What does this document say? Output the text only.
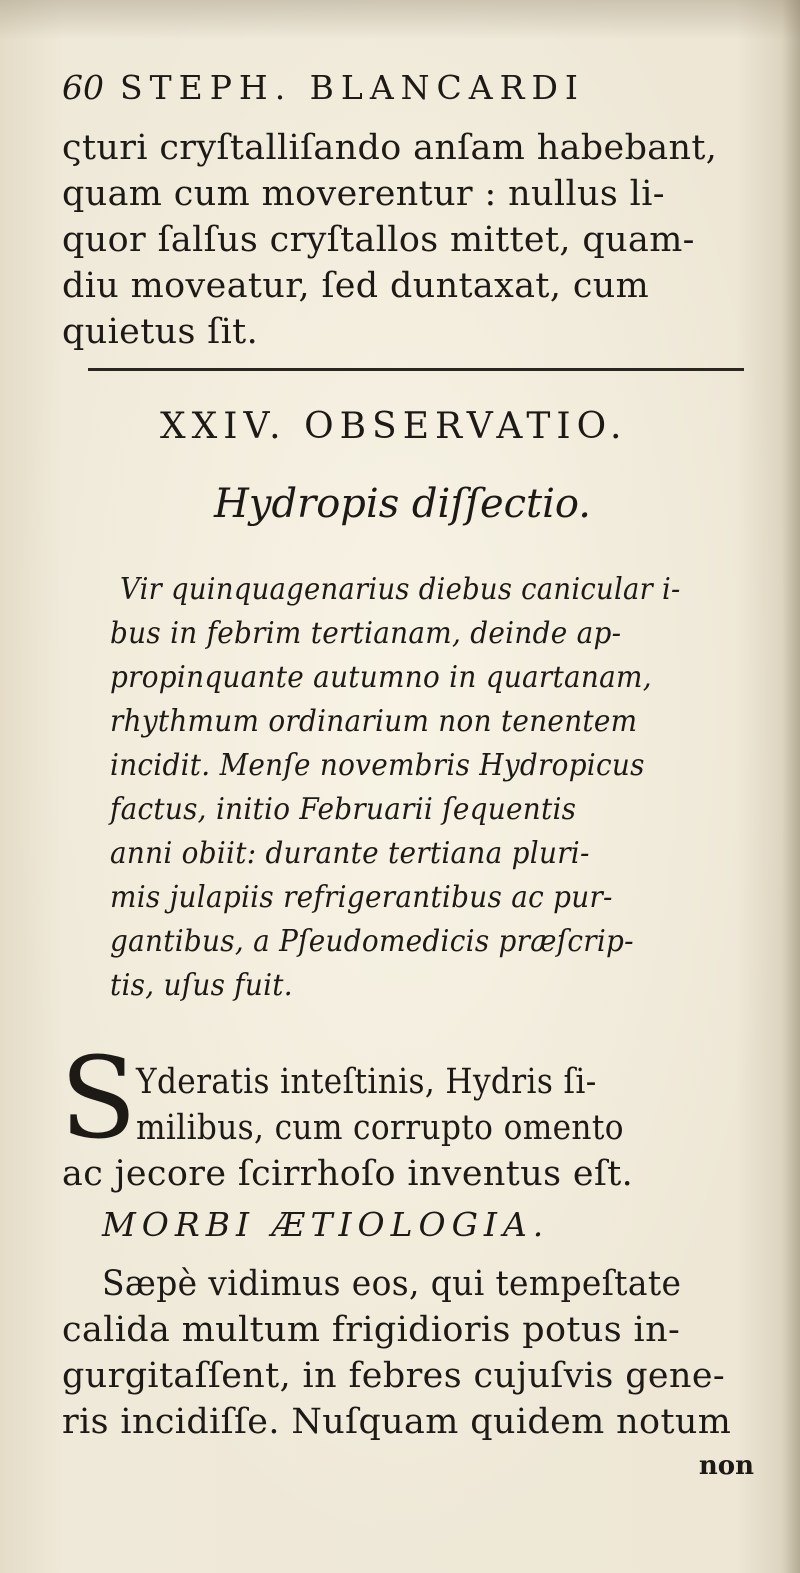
60 STEPH. BLANCARDI
ςturi cryſtalliſando anſam habebant,
quam cum moverentur : nullus li-
quor ſalſus cryſtallos mittet, quam-
diu moveatur, ſed duntaxat, cum
quietus ſit.
XXIV. OBSERVATIO.
Hydropis diſſectio.
Vir quinquagenarius diebus canicular i-
bus in febrim tertianam, deinde ap-
propinquante autumno in quartanam,
rhythmum ordinarium non tenentem
incidit. Menſe novembris Hydropicus
factus, initio Februarii ſequentis
anni obiit: durante tertiana pluri-
mis julapiis refrigerantibus ac pur-
gantibus, a Pſeudomedicis præſcrip-
tis, uſus fuit.
S Yderatis inteſtinis, Hydris ſi-
milibus, cum corrupto omento
ac jecore ſcirrhoſo inventus eſt.
MORBI ÆTIOLOGIA.
Sæpè vidimus eos, qui tempeſtate
calida multum frigidioris potus in-
gurgitaſſent, in febres cujuſvis gene-
ris incidiſſe. Nuſquam quidem notum
non
